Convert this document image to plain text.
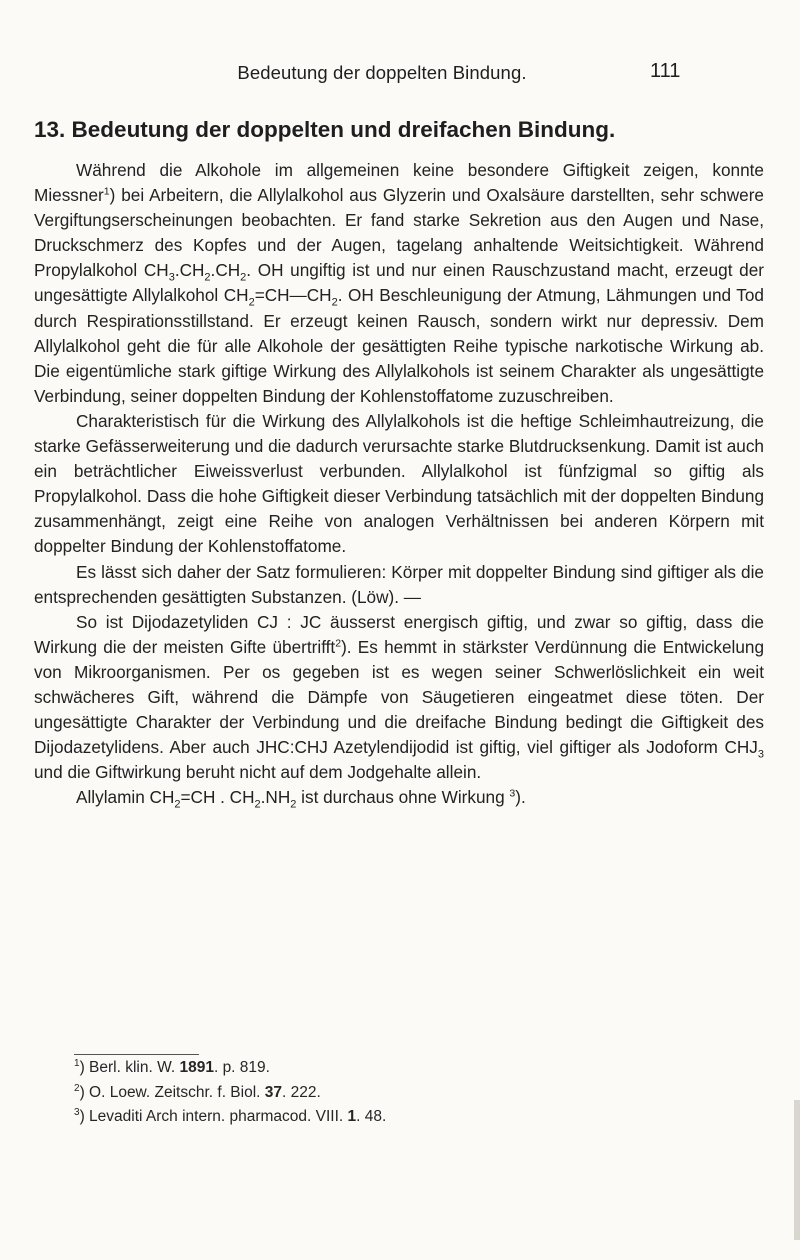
Bedeutung der doppelten Bindung.	111
13. Bedeutung der doppelten und dreifachen Bindung.

Während die Alkohole im allgemeinen keine besondere Giftigkeit zeigen, konnte Miessner$^1$) bei Arbeitern, die Allylalkohol aus Glyzerin und Oxalsäure darstellten, sehr schwere Vergiftungserscheinungen beobachten. Er fand starke Sekretion aus den Augen und Nase, Druckschmerz des Kopfes und der Augen, tagelang anhaltende Weitsichtigkeit. Während Propylalkohol $CH_3.CH_2.CH_2$. OH ungiftig ist und nur einen Rauschzustand macht, erzeugt der ungesättigte Allylalkohol $CH_2=CH—CH_2$. OH Beschleunigung der Atmung, Lähmungen und Tod durch Respirationsstillstand. Er erzeugt keinen Rausch, sondern wirkt nur depressiv. Dem Allylalkohol geht die für alle Alkohole der gesättigten Reihe typische narkotische Wirkung ab. Die eigentümliche stark giftige Wirkung des Allylalkohols ist seinem Charakter als ungesättigte Verbindung, seiner doppelten Bindung der Kohlenstoffatome zuzuschreiben.

Charakteristisch für die Wirkung des Allylalkohols ist die heftige Schleimhautreizung, die starke Gefässerweiterung und die dadurch verursachte starke Blutdrucksenkung. Damit ist auch ein beträchtlicher Eiweissverlust verbunden. Allylalkohol ist fünfzigmal so giftig als Propylalkohol. Dass die hohe Giftigkeit dieser Verbindung tatsächlich mit der doppelten Bindung zusammenhängt, zeigt eine Reihe von analogen Verhältnissen bei anderen Körpern mit doppelter Bindung der Kohlenstoffatome.

Es lässt sich daher der Satz formulieren: Körper mit doppelter Bindung sind giftiger als die entsprechenden gesättigten Substanzen. (Löw). —

So ist Dijodazetyliden CJ : JC äusserst energisch giftig, und zwar so giftig, dass die Wirkung die der meisten Gifte übertrifft$^2$). Es hemmt in stärkster Verdünnung die Entwickelung von Mikroorganismen. Per os gegeben ist es wegen seiner Schwerlöslichkeit ein weit schwächeres Gift, während die Dämpfe von Säugetieren eingeatmet diese töten. Der ungesättigte Charakter der Verbindung und die dreifache Bindung bedingt die Giftigkeit des Dijodazetylidens. Aber auch JHC:CHJ Azetylendijodid ist giftig, viel giftiger als Jodoform $CHJ_3$ und die Giftwirkung beruht nicht auf dem Jodgehalte allein.

Allylamin $CH_2=CH$ . $CH_2.NH_2$ ist durchaus ohne Wirkung $^3$).

$^1$) Berl. klin. W. 1891. p. 819.
$^2$) O. Loew. Zeitschr. f. Biol. 37. 222.
$^3$) Levaditi Arch intern. pharmacod. VIII. 1. 48.
